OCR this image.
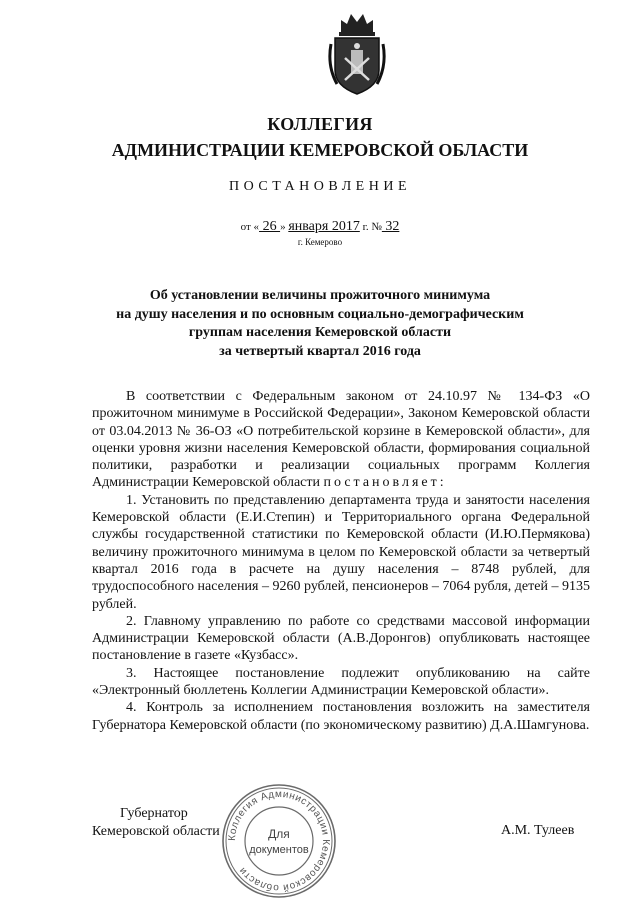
КОЛЛЕГИЯ
АДМИНИСТРАЦИИ КЕМЕРОВСКОЙ ОБЛАСТИ
ПОСТАНОВЛЕНИЕ
от « 26 » января 2017 г. № 32
г. Кемерово
Об установлении величины прожиточного минимума
на душу населения и по основным социально-демографическим
группам населения Кемеровской области
за четвертый квартал 2016 года

В соответствии с Федеральным законом от 24.10.97 № 134-ФЗ «О прожиточном минимуме в Российской Федерации», Законом Кемеровской области от 03.04.2013 № 36-ОЗ «О потребительской корзине в Кемеровской области», для оценки уровня жизни населения Кемеровской области, формирования социальной политики, разработки и реализации социальных программ Коллегия Администрации Кемеровской области постановляет:

1. Установить по представлению департамента труда и занятости населения Кемеровской области (Е.И.Степин) и Территориального органа Федеральной службы государственной статистики по Кемеровской области (И.Ю.Пермякова) величину прожиточного минимума в целом по Кемеровской области за четвертый квартал 2016 года в расчете на душу населения – 8748 рублей, для трудоспособного населения – 9260 рублей, пенсионеров – 7064 рубля, детей – 9135 рублей.

2. Главному управлению по работе со средствами массовой информации Администрации Кемеровской области (А.В.Доронгов) опубликовать настоящее постановление в газете «Кузбасс».

3. Настоящее постановление подлежит опубликованию на сайте «Электронный бюллетень Коллегии Администрации Кемеровской области».

4. Контроль за исполнением постановления возложить на заместителя Губернатора Кемеровской области (по экономическому развитию) Д.А.Шамгунова.

Губернатор
Кемеровской области	А.М. Тулеев
Коллегия Администрации Кемеровской области
Для
документов
